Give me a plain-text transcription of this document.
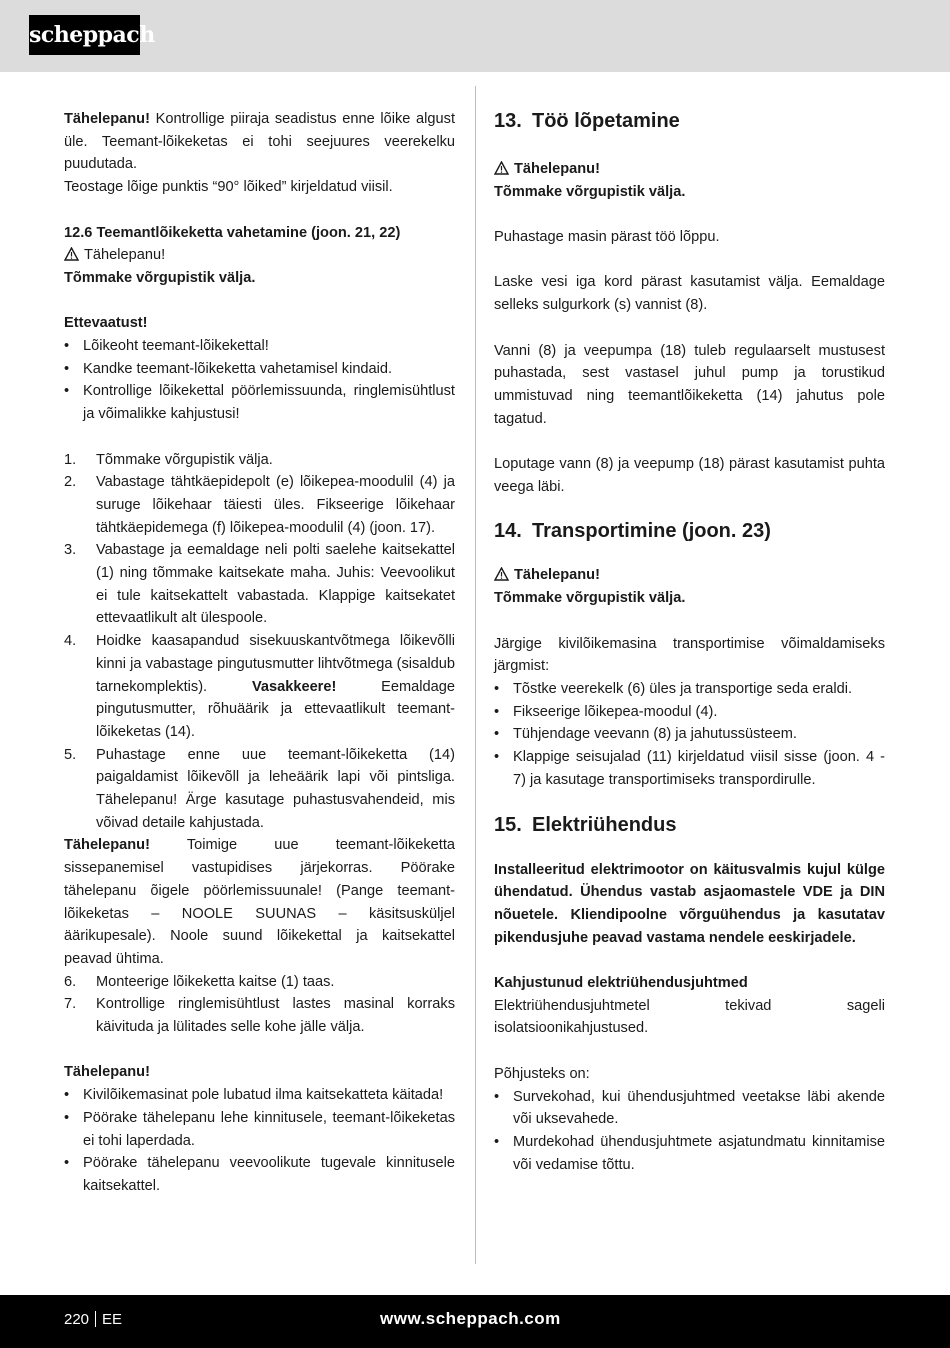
scheppach

Tähelepanu! Kontrollige piiraja seadistus enne lõike algust üle. Teemant-lõikeketas ei tohi seejuures veerekelku puudutada.

Teostage lõige punktis “90° lõiked” kirjeldatud viisil.

12.6 Teemantlõikeketta vahetamine (joon. 21, 22)

Tähelepanu!

Tõmmake võrgupistik välja.

Ettevaatust!

• Lõikeoht teemant-lõikekettal!
• Kandke teemant-lõikeketta vahetamisel kindaid.
• Kontrollige lõikekettal pöörlemissuunda, ringlemisühtlust ja võimalikke kahjustusi!
1. Tõmmake võrgupistik välja.
2. Vabastage tähtkäepidepolt (e) lõikepea-moodulil (4) ja suruge lõikehaar täiesti üles. Fikseerige lõikehaar tähtkäepidemega (f) lõikepea-moodulil (4) (joon. 17).
3. Vabastage ja eemaldage neli polti saelehe kaitsekattel (1) ning tõmmake kaitsekate maha. Juhis: Veevoolikut ei tule kaitsekattelt vabastada. Klappige kaitsekatet ettevaatlikult alt ülespoole.
4. Hoidke kaasapandud sisekuuskantvõtmega lõikevõlli kinni ja vabastage pingutusmutter lihtvõtmega (sisaldub tarnekomplektis). Vasakkeere! Eemaldage pingutusmutter, rõhuäärik ja ettevaatlikult teemant-lõikeketas (14).
5. Puhastage enne uue teemant-lõikeketta (14) paigaldamist lõikevõll ja leheäärik lapi või pintsliga. Tähelepanu! Ärge kasutage puhastusvahendeid, mis võivad detaile kahjustada.

Tähelepanu! Toimige uue teemant-lõikeketta sissepanemisel vastupidises järjekorras. Pöörake tähelepanu õigele pöörlemissuunale! (Pange teemant-lõikeketas – NOOLE SUUNAS – käsitsusküljel äärikupesale). Noole suund lõikekettal ja kaitsekattel peavad ühtima.

6. Monteerige lõikeketta kaitse (1) taas.
7. Kontrollige ringlemisühtlust lastes masinal korraks käivituda ja lülitades selle kohe jälle välja.

Tähelepanu!

• Kivilõikemasinat pole lubatud ilma kaitsekatteta käitada!
• Pöörake tähelepanu lehe kinnitusele, teemant-lõikeketas ei tohi laperdada.
• Pöörake tähelepanu veevoolikute tugevale kinnitusele kaitsekattel.

13. Töö lõpetamine

Tähelepanu!

Tõmmake võrgupistik välja.

Puhastage masin pärast töö lõppu.

Laske vesi iga kord pärast kasutamist välja. Eemaldage selleks sulgurkork (s) vannist (8).

Vanni (8) ja veepumpa (18) tuleb regulaarselt mustusest puhastada, sest vastasel juhul pump ja torustikud ummistuvad ning teemantlõikeketta (14) jahutus pole tagatud.

Loputage vann (8) ja veepump (18) pärast kasutamist puhta veega läbi.

14. Transportimine (joon. 23)

Tähelepanu!

Tõmmake võrgupistik välja.

Järgige kivilõikemasina transportimise võimaldamiseks järgmist:

• Tõstke veerekelk (6) üles ja transportige seda eraldi.
• Fikseerige lõikepea-moodul (4).
• Tühjendage veevann (8) ja jahutussüsteem.
• Klappige seisujalad (11) kirjeldatud viisil sisse (joon. 4 - 7) ja kasutage transportimiseks transpordirulle.

15. Elektriühendus

Installeeritud elektrimootor on käitusvalmis kujul külge ühendatud. Ühendus vastab asjaomastele VDE ja DIN nõuetele. Kliendipoolne võrguühendus ja kasutatav pikendusjuhe peavad vastama nendele eeskirjadele.

Kahjustunud elektriühendusjuhtmed

Elektriühendusjuhtmetel tekivad sageli isolatsioonikahjustused.

Põhjusteks on:

• Survekohad, kui ühendusjuhtmed veetakse läbi akende või uksevahede.
• Murdekohad ühendusjuhtmete asjatundmatu kinnitamise või vedamise tõttu.
220 EE	www.scheppach.com
